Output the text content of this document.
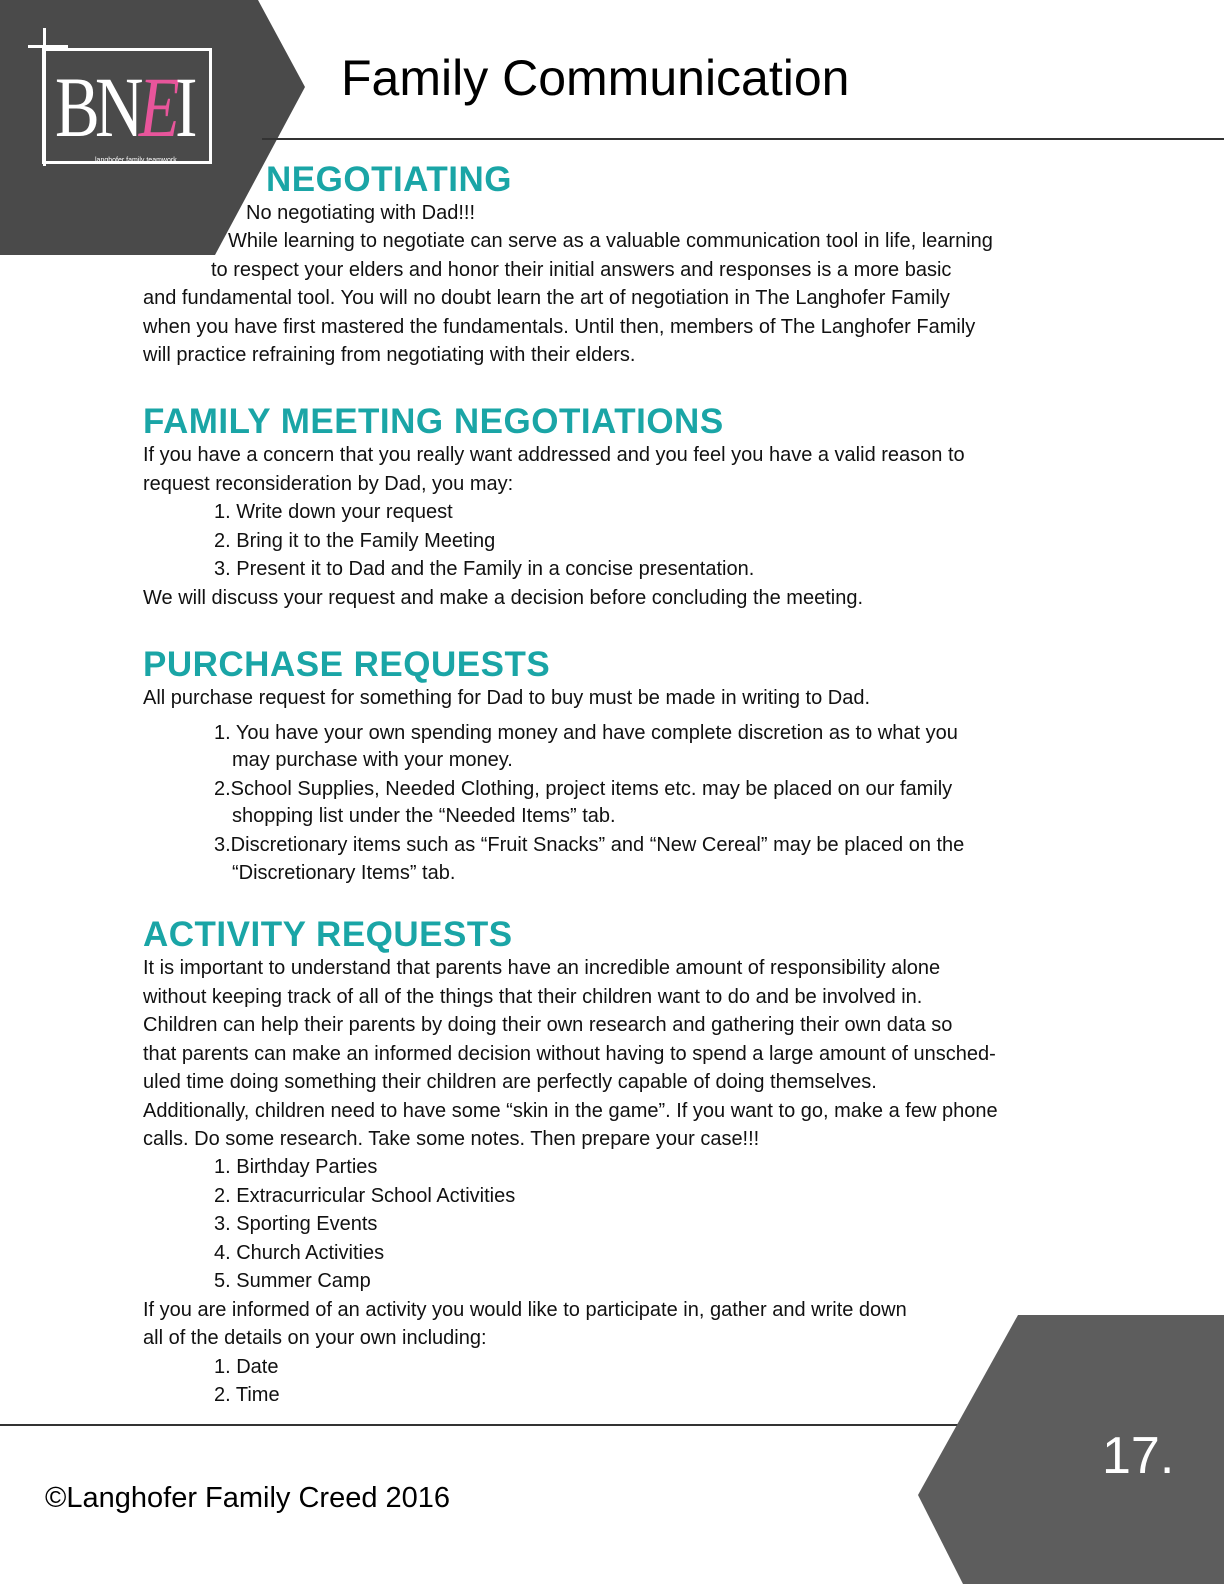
BNEI
langhofer family teamwork
Family Communication
NEGOTIATING
No negotiating with Dad!!!
While learning to negotiate can serve as a valuable communication tool in life, learning
to respect your elders and honor their initial answers and responses is a more basic
and fundamental tool. You will no doubt learn the art of negotiation in The Langhofer Family
when you have first mastered the fundamentals. Until then, members of The Langhofer Family
will practice refraining from negotiating with their elders.
FAMILY MEETING NEGOTIATIONS
If you have a concern that you really want addressed and you feel you have a valid reason to
request reconsideration by Dad, you may:
1. Write down your request
2. Bring it to the Family Meeting
3. Present it to Dad and the Family in a concise presentation.
We will discuss your request and make a decision before concluding the meeting.
PURCHASE REQUESTS
All purchase request for something for Dad to buy must be made in writing to Dad.
1. You have your own spending money and have complete discretion as to what you
may purchase with your money.
2.School Supplies, Needed Clothing, project items etc. may be placed on our family
shopping list under the “Needed Items” tab.
3.Discretionary items such as “Fruit Snacks” and “New Cereal” may be placed on the
“Discretionary Items” tab.
ACTIVITY REQUESTS
It is important to understand that parents have an incredible amount of responsibility alone
without keeping track of all of the things that their children want to do and be involved in.
Children can help their parents by doing their own research and gathering their own data so
that parents can make an informed decision without having to spend a large amount of unsched-
uled time doing something their children are perfectly capable of doing themselves.
Additionally, children need to have some “skin in the game”. If you want to go, make a few phone
calls. Do some research. Take some notes. Then prepare your case!!!
1. Birthday Parties
2. Extracurricular School Activities
3. Sporting Events
4. Church Activities
5. Summer Camp
If you are informed of an activity you would like to participate in, gather and write down
all of the details on your own including:
1. Date
2. Time
17.
©Langhofer Family Creed 2016
